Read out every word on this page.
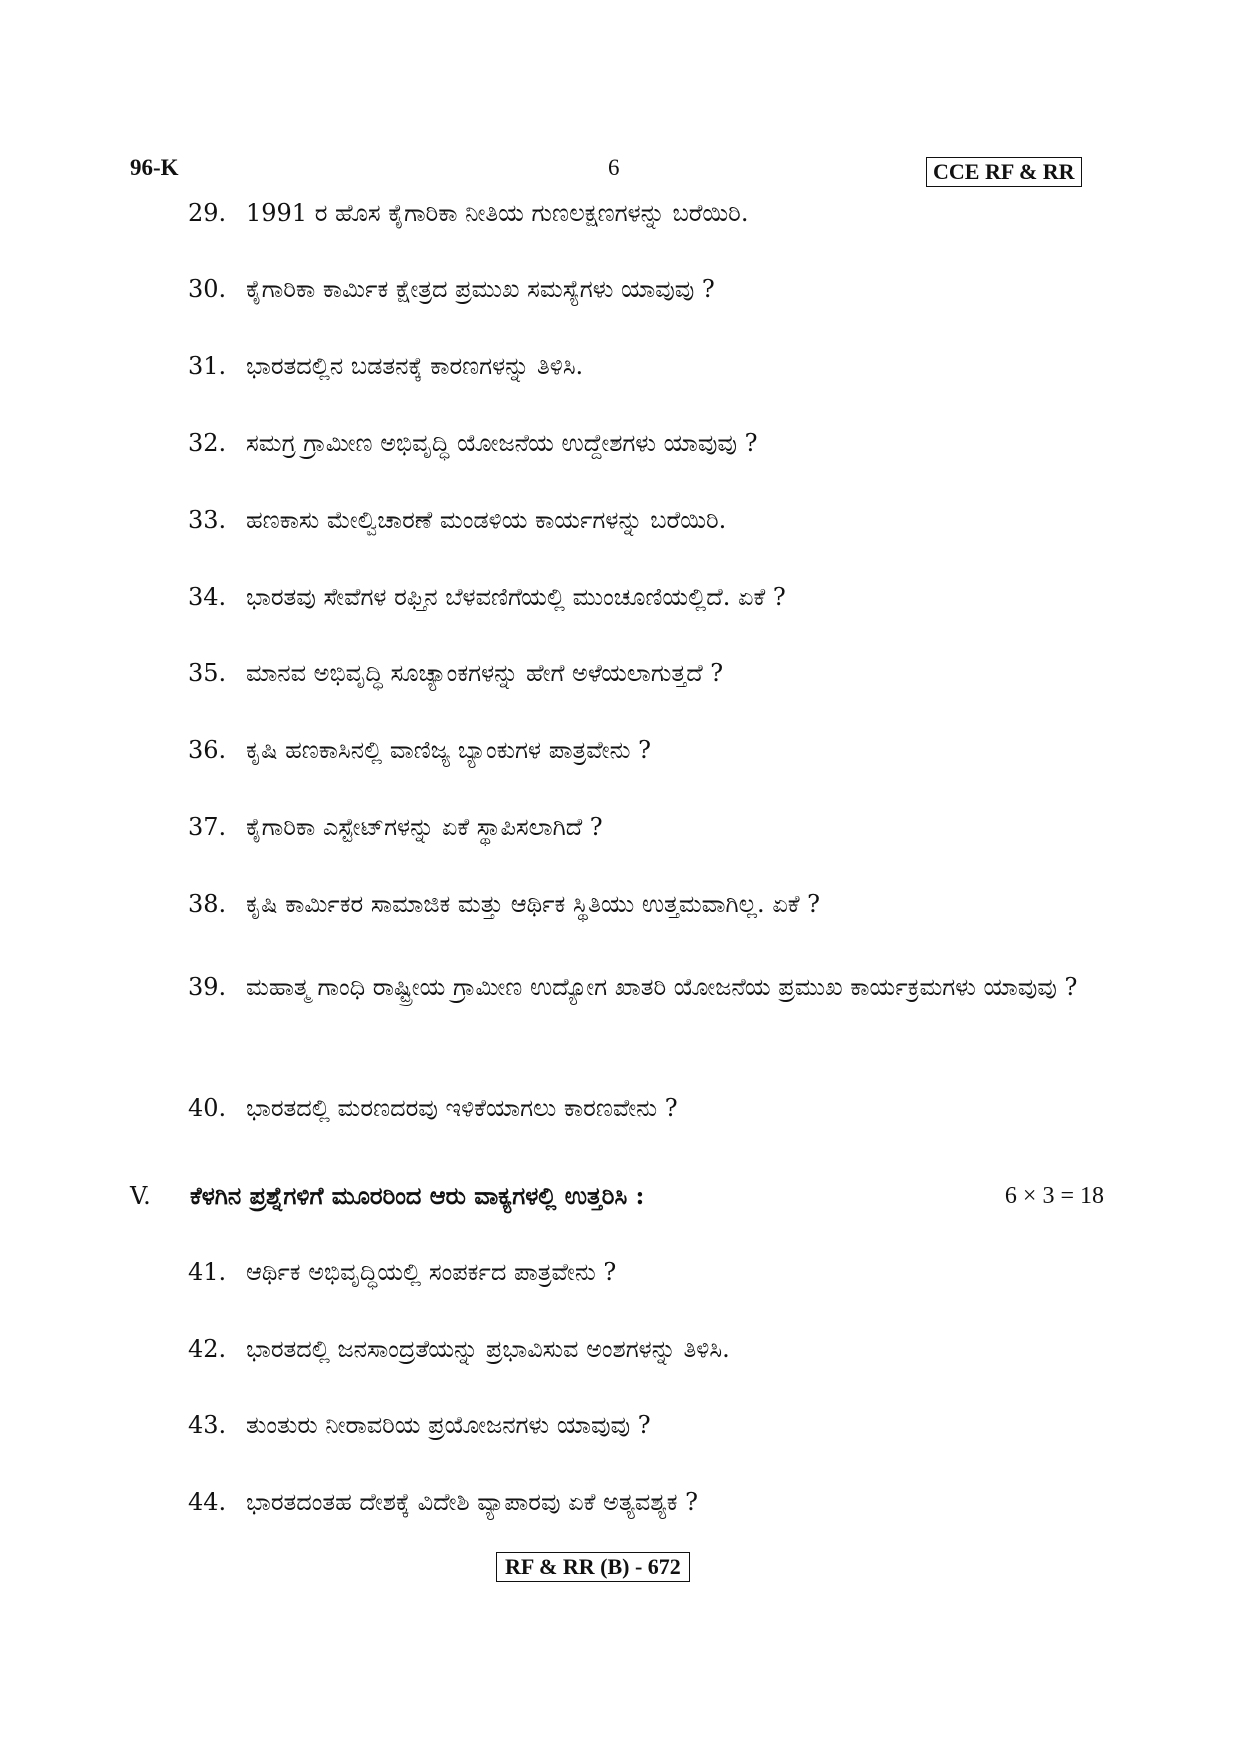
96-K	6	CCE RF & RR
29. 1991 ರ ಹೊಸ ಕೈಗಾರಿಕಾ ನೀತಿಯ ಗುಣಲಕ್ಷಣಗಳನ್ನು ಬರೆಯಿರಿ.
30. ಕೈಗಾರಿಕಾ ಕಾರ್ಮಿಕ ಕ್ಷೇತ್ರದ ಪ್ರಮುಖ ಸಮಸ್ಯೆಗಳು ಯಾವುವು ?
31. ಭಾರತದಲ್ಲಿನ ಬಡತನಕ್ಕೆ ಕಾರಣಗಳನ್ನು ತಿಳಿಸಿ.
32. ಸಮಗ್ರ ಗ್ರಾಮೀಣ ಅಭಿವೃದ್ಧಿ ಯೋಜನೆಯ ಉದ್ದೇಶಗಳು ಯಾವುವು ?
33. ಹಣಕಾಸು ಮೇಲ್ವಿಚಾರಣೆ ಮಂಡಳಿಯ ಕಾರ್ಯಗಳನ್ನು ಬರೆಯಿರಿ.
34. ಭಾರತವು ಸೇವೆಗಳ ರಫ್ತಿನ ಬೆಳವಣಿಗೆಯಲ್ಲಿ ಮುಂಚೂಣಿಯಲ್ಲಿದೆ. ಏಕೆ ?
35. ಮಾನವ ಅಭಿವೃದ್ಧಿ ಸೂಚ್ಯಾಂಕಗಳನ್ನು ಹೇಗೆ ಅಳೆಯಲಾಗುತ್ತದೆ ?
36. ಕೃಷಿ ಹಣಕಾಸಿನಲ್ಲಿ ವಾಣಿಜ್ಯ ಬ್ಯಾಂಕುಗಳ ಪಾತ್ರವೇನು ?
37. ಕೈಗಾರಿಕಾ ಎಸ್ಟೇಟ್‌ಗಳನ್ನು ಏಕೆ ಸ್ಥಾಪಿಸಲಾಗಿದೆ ?
38. ಕೃಷಿ ಕಾರ್ಮಿಕರ ಸಾಮಾಜಿಕ ಮತ್ತು ಆರ್ಥಿಕ ಸ್ಥಿತಿಯು ಉತ್ತಮವಾಗಿಲ್ಲ. ಏಕೆ ?
39. ಮಹಾತ್ಮ ಗಾಂಧಿ ರಾಷ್ಟ್ರೀಯ ಗ್ರಾಮೀಣ ಉದ್ಯೋಗ ಖಾತರಿ ಯೋಜನೆಯ ಪ್ರಮುಖ ಕಾರ್ಯಕ್ರಮಗಳು ಯಾವುವು ?
40. ಭಾರತದಲ್ಲಿ ಮರಣದರವು ಇಳಿಕೆಯಾಗಲು ಕಾರಣವೇನು ?
V. ಕೆಳಗಿನ ಪ್ರಶ್ನೆಗಳಿಗೆ ಮೂರರಿಂದ ಆರು ವಾಕ್ಯಗಳಲ್ಲಿ ಉತ್ತರಿಸಿ :	6 × 3 = 18
41. ಆರ್ಥಿಕ ಅಭಿವೃದ್ಧಿಯಲ್ಲಿ ಸಂಪರ್ಕದ ಪಾತ್ರವೇನು ?
42. ಭಾರತದಲ್ಲಿ ಜನಸಾಂದ್ರತೆಯನ್ನು ಪ್ರಭಾವಿಸುವ ಅಂಶಗಳನ್ನು ತಿಳಿಸಿ.
43. ತುಂತುರು ನೀರಾವರಿಯ ಪ್ರಯೋಜನಗಳು ಯಾವುವು ?
44. ಭಾರತದಂತಹ ದೇಶಕ್ಕೆ ವಿದೇಶಿ ವ್ಯಾಪಾರವು ಏಕೆ ಅತ್ಯವಶ್ಯಕ ?
RF & RR (B) - 672
